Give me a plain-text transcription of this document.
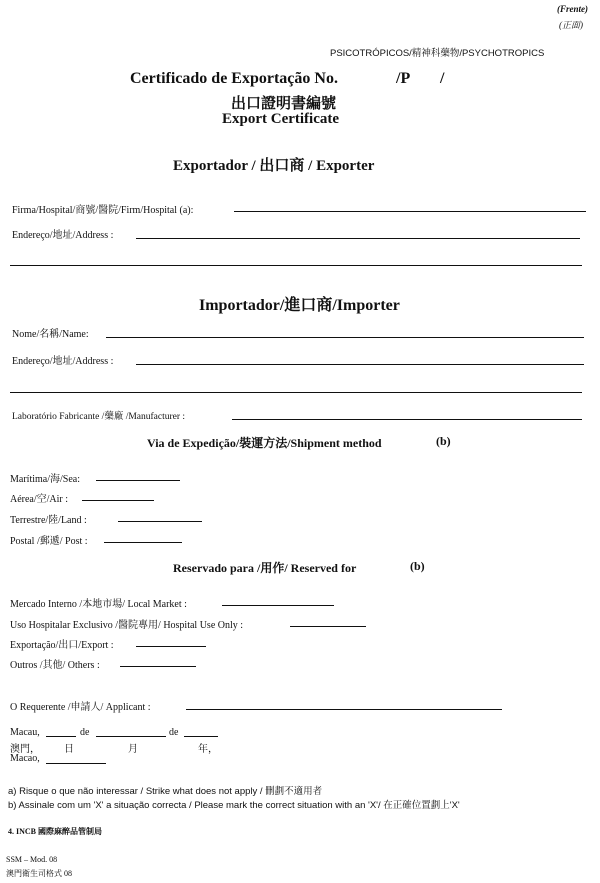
(Frente)
(正面)
PSICOTRÓPICOS/精神科藥物/PSYCHOTROPICS
Certificado de Exportação No.	/P /
出口證明書編號
Export Certificate
Exportador / 出口商 / Exporter
Firma/Hospital/商號/醫院/Firm/Hospital (a):
Endereço/地址/Address :
Importador/進口商/Importer
Nome/名稱/Name:
Endereço/地址/Address :
Laboratório Fabricante /藥廠 /Manufacturer :
Via de Expedição/裝運方法/Shipment method	(b)
Marítima/海/Sea:
Aérea/空/Air :
Terrestre/陸/Land :
Postal /郵遞/ Post :
Reservado para /用作/ Reserved for	(b)
Mercado Interno /本地市場/ Local Market :
Uso Hospitalar Exclusivo /醫院專用/ Hospital Use Only :
Exportação/出口/Export :
Outros /其他/ Others :
O Requerente /申請人/ Applicant :
Macau,	de	de
澳門， 日	月	年，
Macao,
a) Risque o que não interessar / Strike what does not apply / 刪劃不適用者
b) Assinale com um 'X' a situação correcta / Please mark the correct situation with an 'X'/ 在正確位置劃上'X'
4. INCB 國際麻醉品管制局
SSM – Mod. 08
澳門衛生司格式 08
